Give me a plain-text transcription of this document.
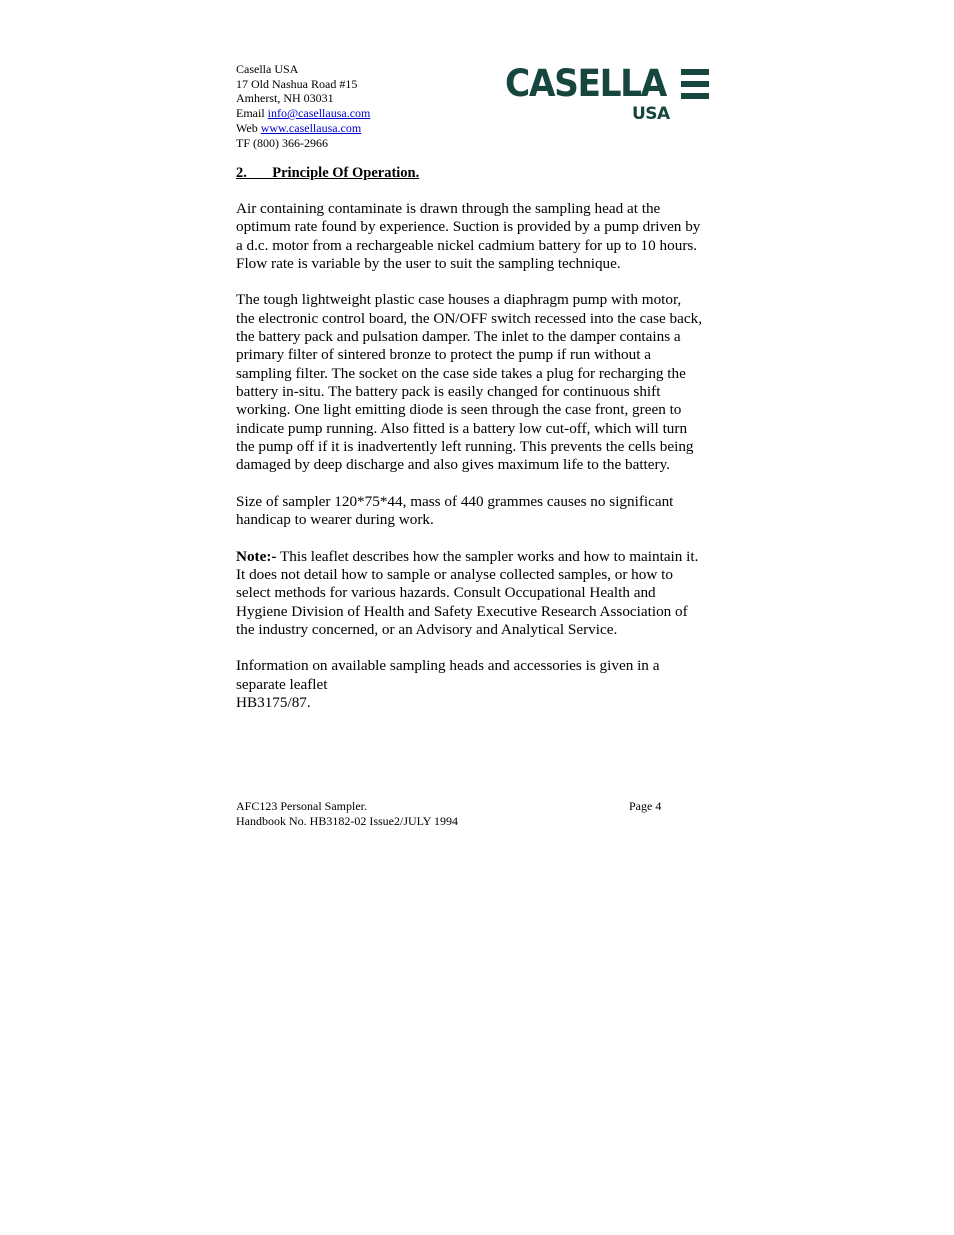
Casella USA
17 Old Nashua Road #15
Amherst, NH 03031
Email info@casellausa.com
Web www.casellausa.com
TF (800) 366-2966
CASELLA
USA
2.       Principle Of Operation.

Air containing contaminate is drawn through the sampling head at the
optimum rate found by experience. Suction is provided by a pump driven by
a d.c. motor from a rechargeable nickel cadmium battery for up to 10 hours.
Flow rate is variable by the user to suit the sampling technique.

The tough lightweight plastic case houses a diaphragm pump with motor,
the electronic control board, the ON/OFF switch recessed into the case back,
the battery pack and pulsation damper. The inlet to the damper contains a
primary filter of sintered bronze to protect the pump if run without a
sampling filter. The socket on the case side takes a plug for recharging the
battery in-situ. The battery pack is easily changed for continuous shift
working. One light emitting diode is seen through the case front, green to
indicate pump running. Also fitted is a battery low cut-off, which will turn
the pump off if it is inadvertently left running. This prevents the cells being
damaged by deep discharge and also gives maximum life to the battery.

Size of sampler 120*75*44, mass of 440 grammes causes no significant
handicap to wearer during work.

Note:- This leaflet describes how the sampler works and how to maintain it.
It does not detail how to sample or analyse collected samples, or how to
select methods for various hazards. Consult Occupational Health and
Hygiene Division of Health and Safety Executive Research Association of
the industry concerned, or an Advisory and Analytical Service.

Information on available sampling heads and accessories is given in a
separate leaflet
HB3175/87.

AFC123 Personal Sampler.	Page 4
Handbook No. HB3182-02 Issue2/JULY 1994
